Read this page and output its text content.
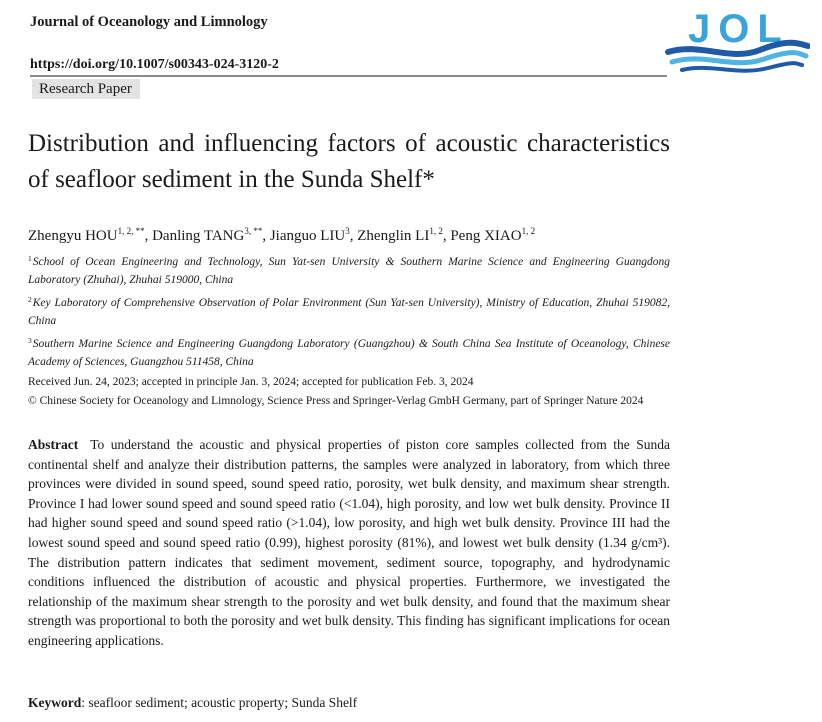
Journal of Oceanology and Limnology	JOL
https://doi.org/10.1007/s00343-024-3120-2
Research Paper
Distribution and influencing factors of acoustic characteristics of seafloor sediment in the Sunda Shelf*
Zhengyu $HOU^{1, 2, **}$, Danling $TANG^{3, **}$, Jianguo LIU$^3$, Zhenglin LI$^{1, 2}$, Peng XIAO$^{1, 2}$
$^1$School of Ocean Engineering and Technology, Sun Yat-sen University & Southern Marine Science and Engineering Guangdong Laboratory (Zhuhai), Zhuhai 519000, China
$^2$Key Laboratory of Comprehensive Observation of Polar Environment (Sun Yat-sen University), Ministry of Education, Zhuhai 519082, China
$^3$Southern Marine Science and Engineering Guangdong Laboratory (Guangzhou) & South China Sea Institute of Oceanology, Chinese Academy of Sciences, Guangzhou 511458, China
Received Jun. 24, 2023; accepted in principle Jan. 3, 2024; accepted for publication Feb. 3, 2024
© Chinese Society for Oceanology and Limnology, Science Press and Springer-Verlag GmbH Germany, part of Springer Nature 2024

Abstract To understand the acoustic and physical properties of piston core samples collected from the Sunda continental shelf and analyze their distribution patterns, the samples were analyzed in laboratory, from which three provinces were divided in sound speed, sound speed ratio, porosity, wet bulk density, and maximum shear strength. Province I had lower sound speed and sound speed ratio (<1.04), high porosity, and low wet bulk density. Province II had higher sound speed and sound speed ratio (>1.04), low porosity, and high wet bulk density. Province III had the lowest sound speed and sound speed ratio (0.99), highest porosity (81%), and lowest wet bulk density (1.34 g/cm³). The distribution pattern indicates that sediment movement, sediment source, topography, and hydrodynamic conditions influenced the distribution of acoustic and physical properties. Furthermore, we investigated the relationship of the maximum shear strength to the porosity and wet bulk density, and found that the maximum shear strength was proportional to both the porosity and wet bulk density. This finding has significant implications for ocean engineering applications.

Keyword: seafloor sediment; acoustic property; Sunda Shelf
